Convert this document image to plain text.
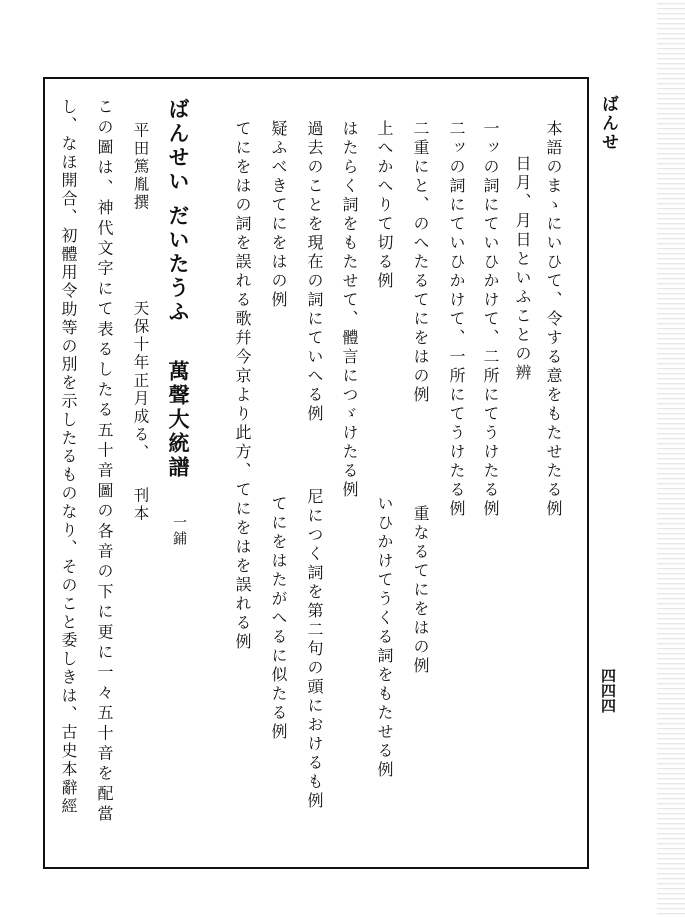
ばんせ
四四四
本語のまゝにいひて、令する意をもたせたる例
日月、月日といふことの辨
一ッの詞にていひかけて、二所にてうけたる例
二ッの詞にていひかけて、一所にてうけたる例
二重にと、のへたるてにをはの例
重なるてにをはの例
上へかへりて切る例
いひかけてうくる詞をもたせる例
はたらく詞をもたせて、體言につゞけたる例
過去のことを現在の詞にていへる例
尼につく詞を第二句の頭におけるも例
疑ふべきてにをはの例
てにをはたがへるに似たる例
てにをはの詞を誤れる歌幷今京より此方、てにをはを誤れる例
ばんせい だいたうふ
萬聲大統譜
一鋪
平田篤胤撰
天保十年正月成る、
刊本
この圖は、神代文字にて表るしたる五十音圖の各音の下に更に一々五十音を配當
し、なほ開合、初體用令助等の別を示したるものなり、そのこと委しきは、古史本辭經
